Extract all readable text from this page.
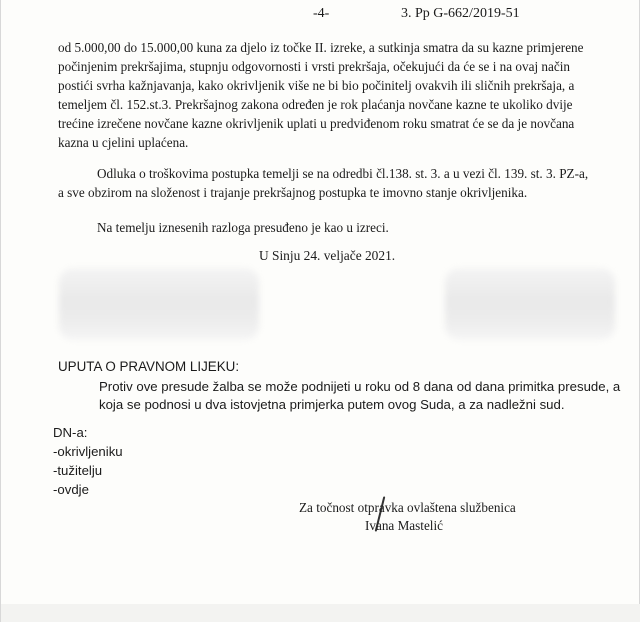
-4-	3. Pp G-662/2019-51
od 5.000,00 do 15.000,00 kuna za djelo iz točke II. izreke, a sutkinja smatra da su kazne primjerene
počinjenim prekršajima, stupnju odgovornosti i vrsti prekršaja, očekujući da će se i na ovaj način
postići svrha kažnjavanja, kako okrivljenik više ne bi bio počinitelj ovakvih ili sličnih prekršaja, a
temeljem čl. 152.st.3. Prekršajnog zakona određen je rok plaćanja novčane kazne te ukoliko dvije
trećine izrečene novčane kazne okrivljenik uplati u predviđenom roku smatrat će se da je novčana
kazna u cjelini uplaćena.
Odluka o troškovima postupka temelji se na odredbi čl.138. st. 3. a u vezi čl. 139. st. 3. PZ-a,
a sve obzirom na složenost i trajanje prekršajnog postupka te imovno stanje okrivljenika.
Na temelju iznesenih razloga presuđeno je kao u izreci.
U Sinju 24. veljače 2021.
UPUTA O PRAVNOM LIJEKU:
Protiv ove presude žalba se može podnijeti u roku od 8 dana od dana primitka presude, a
koja se podnosi u dva istovjetna primjerka putem ovog Suda, a za nadležni sud.
DN-a:
-okrivljeniku
-tužitelju
-ovdje
Za točnost otpravka ovlaštena službenica
Ivana Mastelić
